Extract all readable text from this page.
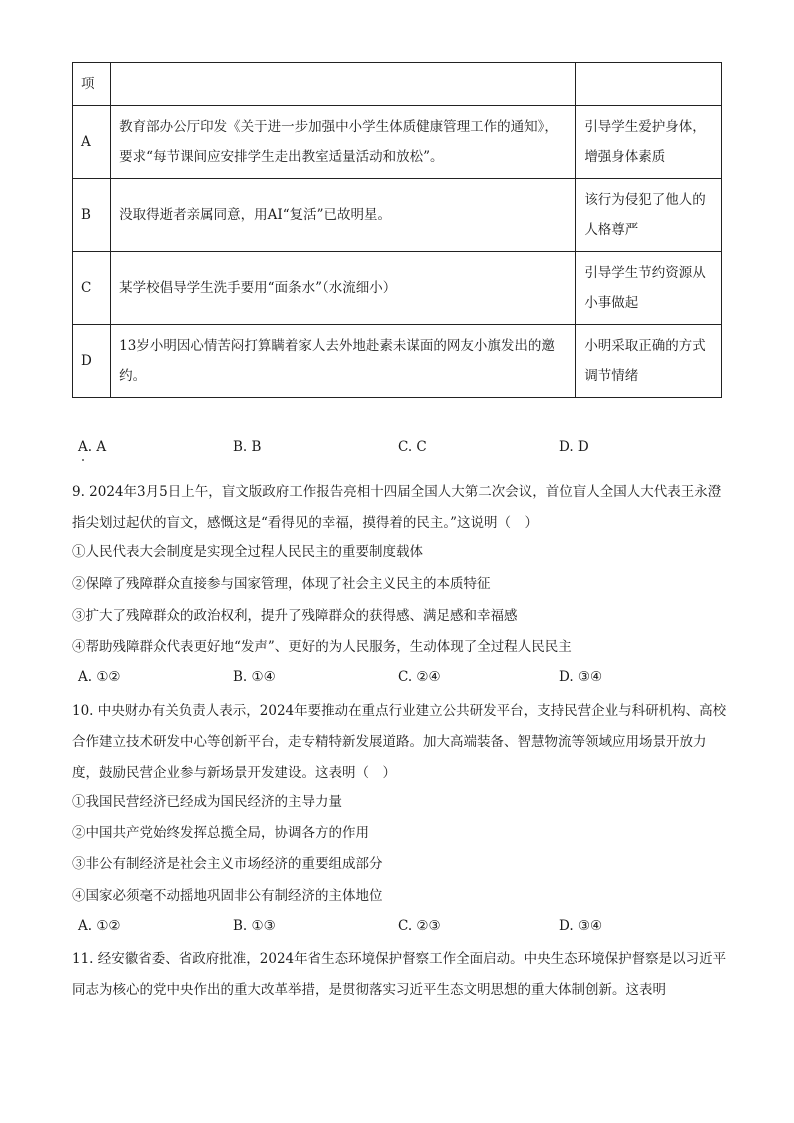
项		
A	教育部办公厅印发《关于进一步加强中小学生体质健康管理工作的通知》，要求“每节课间应安排学生走出教室适量活动和放松”。	引导学生爱护身体，增强身体素质
B	没取得逝者亲属同意，用AI“复活”已故明星。	该行为侵犯了他人的人格尊严
C	某学校倡导学生洗手要用“面条水”（水流细小）	引导学生节约资源从小事做起
D	13岁小明因心情苦闷打算瞒着家人去外地赴素未谋面的网友小旗发出的邀约。	小明采取正确的方式调节情绪
A. A	B. B	C. C	D. D
9. 2024年3月5日上午，盲文版政府工作报告亮相十四届全国人大第二次会议，首位盲人全国人大代表王永澄指尖划过起伏的盲文，感慨这是“看得见的幸福，摸得着的民主。”这说明（　）
①人民代表大会制度是实现全过程人民民主的重要制度载体
②保障了残障群众直接参与国家管理，体现了社会主义民主的本质特征
③扩大了残障群众的政治权利，提升了残障群众的获得感、满足感和幸福感
④帮助残障群众代表更好地“发声”、更好的为人民服务，生动体现了全过程人民民主
A. ①②	B. ①④	C. ②④	D. ③④
10. 中央财办有关负责人表示，2024年要推动在重点行业建立公共研发平台，支持民营企业与科研机构、高校合作建立技术研发中心等创新平台，走专精特新发展道路。加大高端装备、智慧物流等领域应用场景开放力度，鼓励民营企业参与新场景开发建设。这表明（　）
①我国民营经济已经成为国民经济的主导力量
②中国共产党始终发挥总揽全局，协调各方的作用
③非公有制经济是社会主义市场经济的重要组成部分
④国家必须毫不动摇地巩固非公有制经济的主体地位
A. ①②	B. ①③	C. ②③	D. ③④
11. 经安徽省委、省政府批准，2024年省生态环境保护督察工作全面启动。中央生态环境保护督察是以习近平同志为核心的党中央作出的重大改革举措，是贯彻落实习近平生态文明思想的重大体制创新。这表明
